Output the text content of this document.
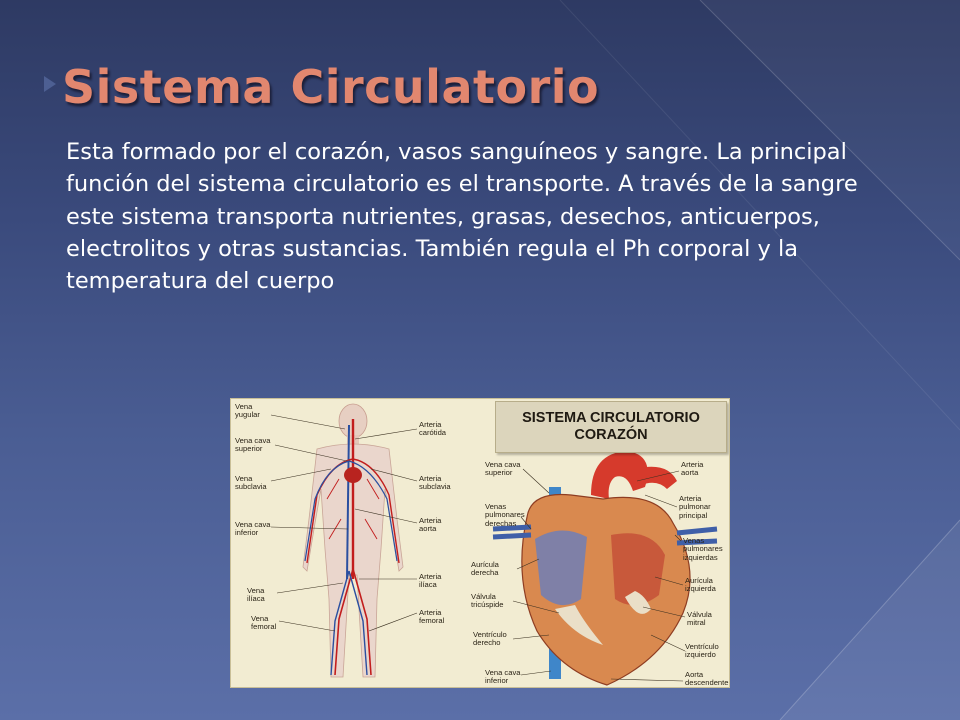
Sistema Circulatorio
Esta formado por el corazón, vasos sanguíneos y sangre. La principal función del sistema circulatorio es el transporte. A través de la sangre este sistema transporta nutrientes, grasas, desechos, anticuerpos, electrolitos y otras sustancias. También regula el Ph corporal y la temperatura del cuerpo
SISTEMA CIRCULATORIO
CORAZÓN
Vena
yugular
Vena cava
superior
Vena
subclavia
Vena cava
inferior
Vena
ilíaca
Vena
femoral
Arteria
carótida
Arteria
subclavia
Arteria
aorta
Arteria
ilíaca
Arteria
femoral
Vena cava
superior
Venas
pulmonares
derechas
Aurícula
derecha
Válvula
tricúspide
Ventrículo
derecho
Vena cava
inferior
Arteria
aorta
Arteria
pulmonar
principal
Venas
pulmonares
izquierdas
Aurícula
izquierda
Válvula
mitral
Ventrículo
izquierdo
Aorta
descendente
